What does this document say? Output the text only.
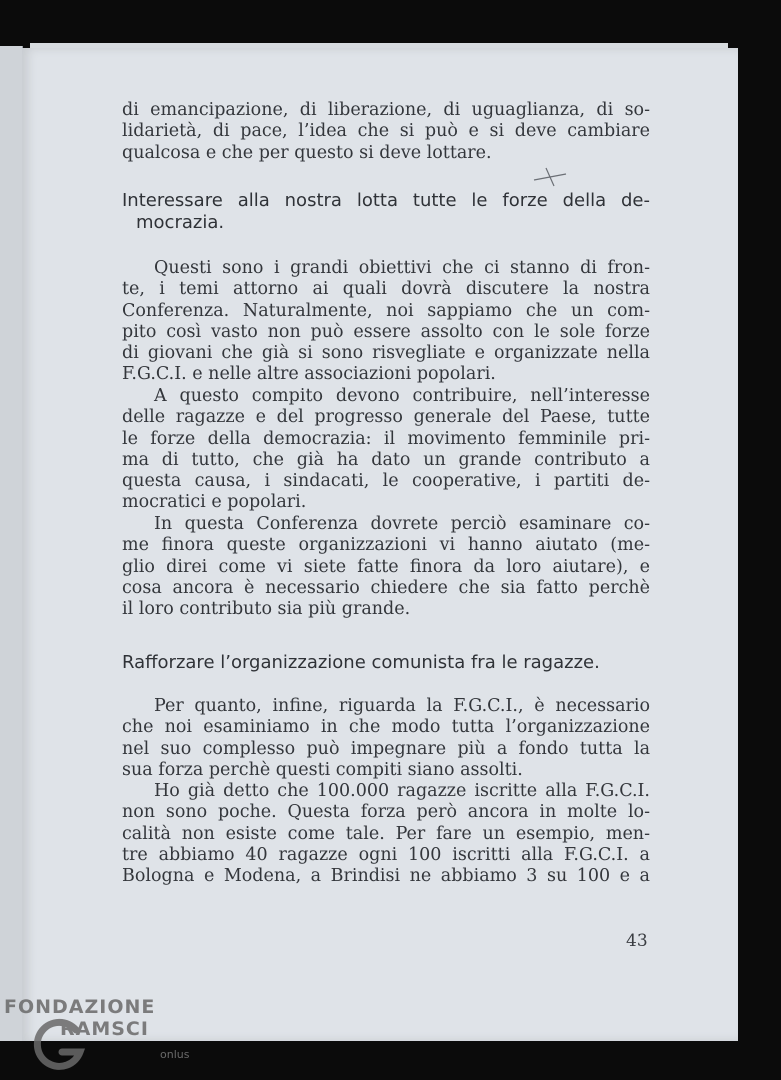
di emancipazione, di liberazione, di uguaglianza, di so-
lidarietà, di pace, l’idea che si può e si deve cambiare
qualcosa e che per questo si deve lottare.
Interessare alla nostra lotta tutte le forze della de-
mocrazia.
Questi sono i grandi obiettivi che ci stanno di fron-
te, i temi attorno ai quali dovrà discutere la nostra
Conferenza. Naturalmente, noi sappiamo che un com-
pito così vasto non può essere assolto con le sole forze
di giovani che già si sono risvegliate e organizzate nella
F.G.C.I. e nelle altre associazioni popolari.
A questo compito devono contribuire, nell’interesse
delle ragazze e del progresso generale del Paese, tutte
le forze della democrazia: il movimento femminile pri-
ma di tutto, che già ha dato un grande contributo a
questa causa, i sindacati, le cooperative, i partiti de-
mocratici e popolari.
In questa Conferenza dovrete perciò esaminare co-
me finora queste organizzazioni vi hanno aiutato (me-
glio direi come vi siete fatte finora da loro aiutare), e
cosa ancora è necessario chiedere che sia fatto perchè
il loro contributo sia più grande.
Rafforzare l’organizzazione comunista fra le ragazze.
Per quanto, infine, riguarda la F.G.C.I., è necessario
che noi esaminiamo in che modo tutta l’organizzazione
nel suo complesso può impegnare più a fondo tutta la
sua forza perchè questi compiti siano assolti.
Ho già detto che 100.000 ragazze iscritte alla F.G.C.I.
non sono poche. Questa forza però ancora in molte lo-
calità non esiste come tale. Per fare un esempio, men-
tre abbiamo 40 ragazze ogni 100 iscritti alla F.G.C.I. a
Bologna e Modena, a Brindisi ne abbiamo 3 su 100 e a
43
FONDAZIONE
RAMSCI
onlus
